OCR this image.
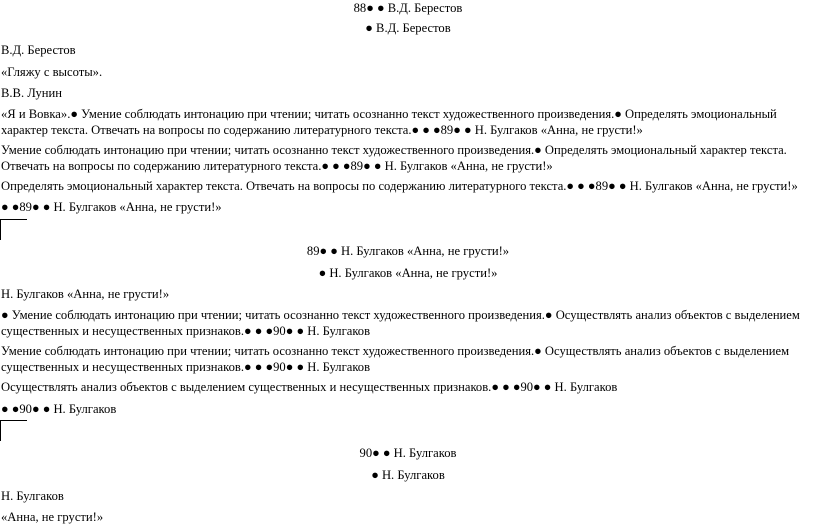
88● ● В.Д. Берестов
● В.Д. Берестов
В.Д. Берестов
«Гляжу с высоты».
В.В. Лунин
«Я и Вовка».● Умение соблюдать интонацию при чтении; читать осознанно текст художественного произведения.● Определять эмоциональный характер текста. Отвечать на вопросы по содержанию литературного текста.● ● ●89● ● Н. Булгаков «Анна, не грусти!»
Умение соблюдать интонацию при чтении; читать осознанно текст художественного произведения.● Определять эмоциональный характер текста. Отвечать на вопросы по содержанию литературного текста.● ● ●89● ● Н. Булгаков «Анна, не грусти!»
Определять эмоциональный характер текста. Отвечать на вопросы по содержанию литературного текста.● ● ●89● ● Н. Булгаков «Анна, не грусти!»
● ●89● ● Н. Булгаков «Анна, не грусти!»
89● ● Н. Булгаков «Анна, не грусти!»
● Н. Булгаков «Анна, не грусти!»
Н. Булгаков «Анна, не грусти!»
● Умение соблюдать интонацию при чтении; читать осознанно текст художественного произведения.● Осуществлять анализ объектов с выделением существенных и несущественных признаков.● ● ●90● ● Н. Булгаков
Умение соблюдать интонацию при чтении; читать осознанно текст художественного произведения.● Осуществлять анализ объектов с выделением существенных и несущественных признаков.● ● ●90● ● Н. Булгаков
Осуществлять анализ объектов с выделением существенных и несущественных признаков.● ● ●90● ● Н. Булгаков
● ●90● ● Н. Булгаков
90● ● Н. Булгаков
● Н. Булгаков
Н. Булгаков
«Анна, не грусти!»
